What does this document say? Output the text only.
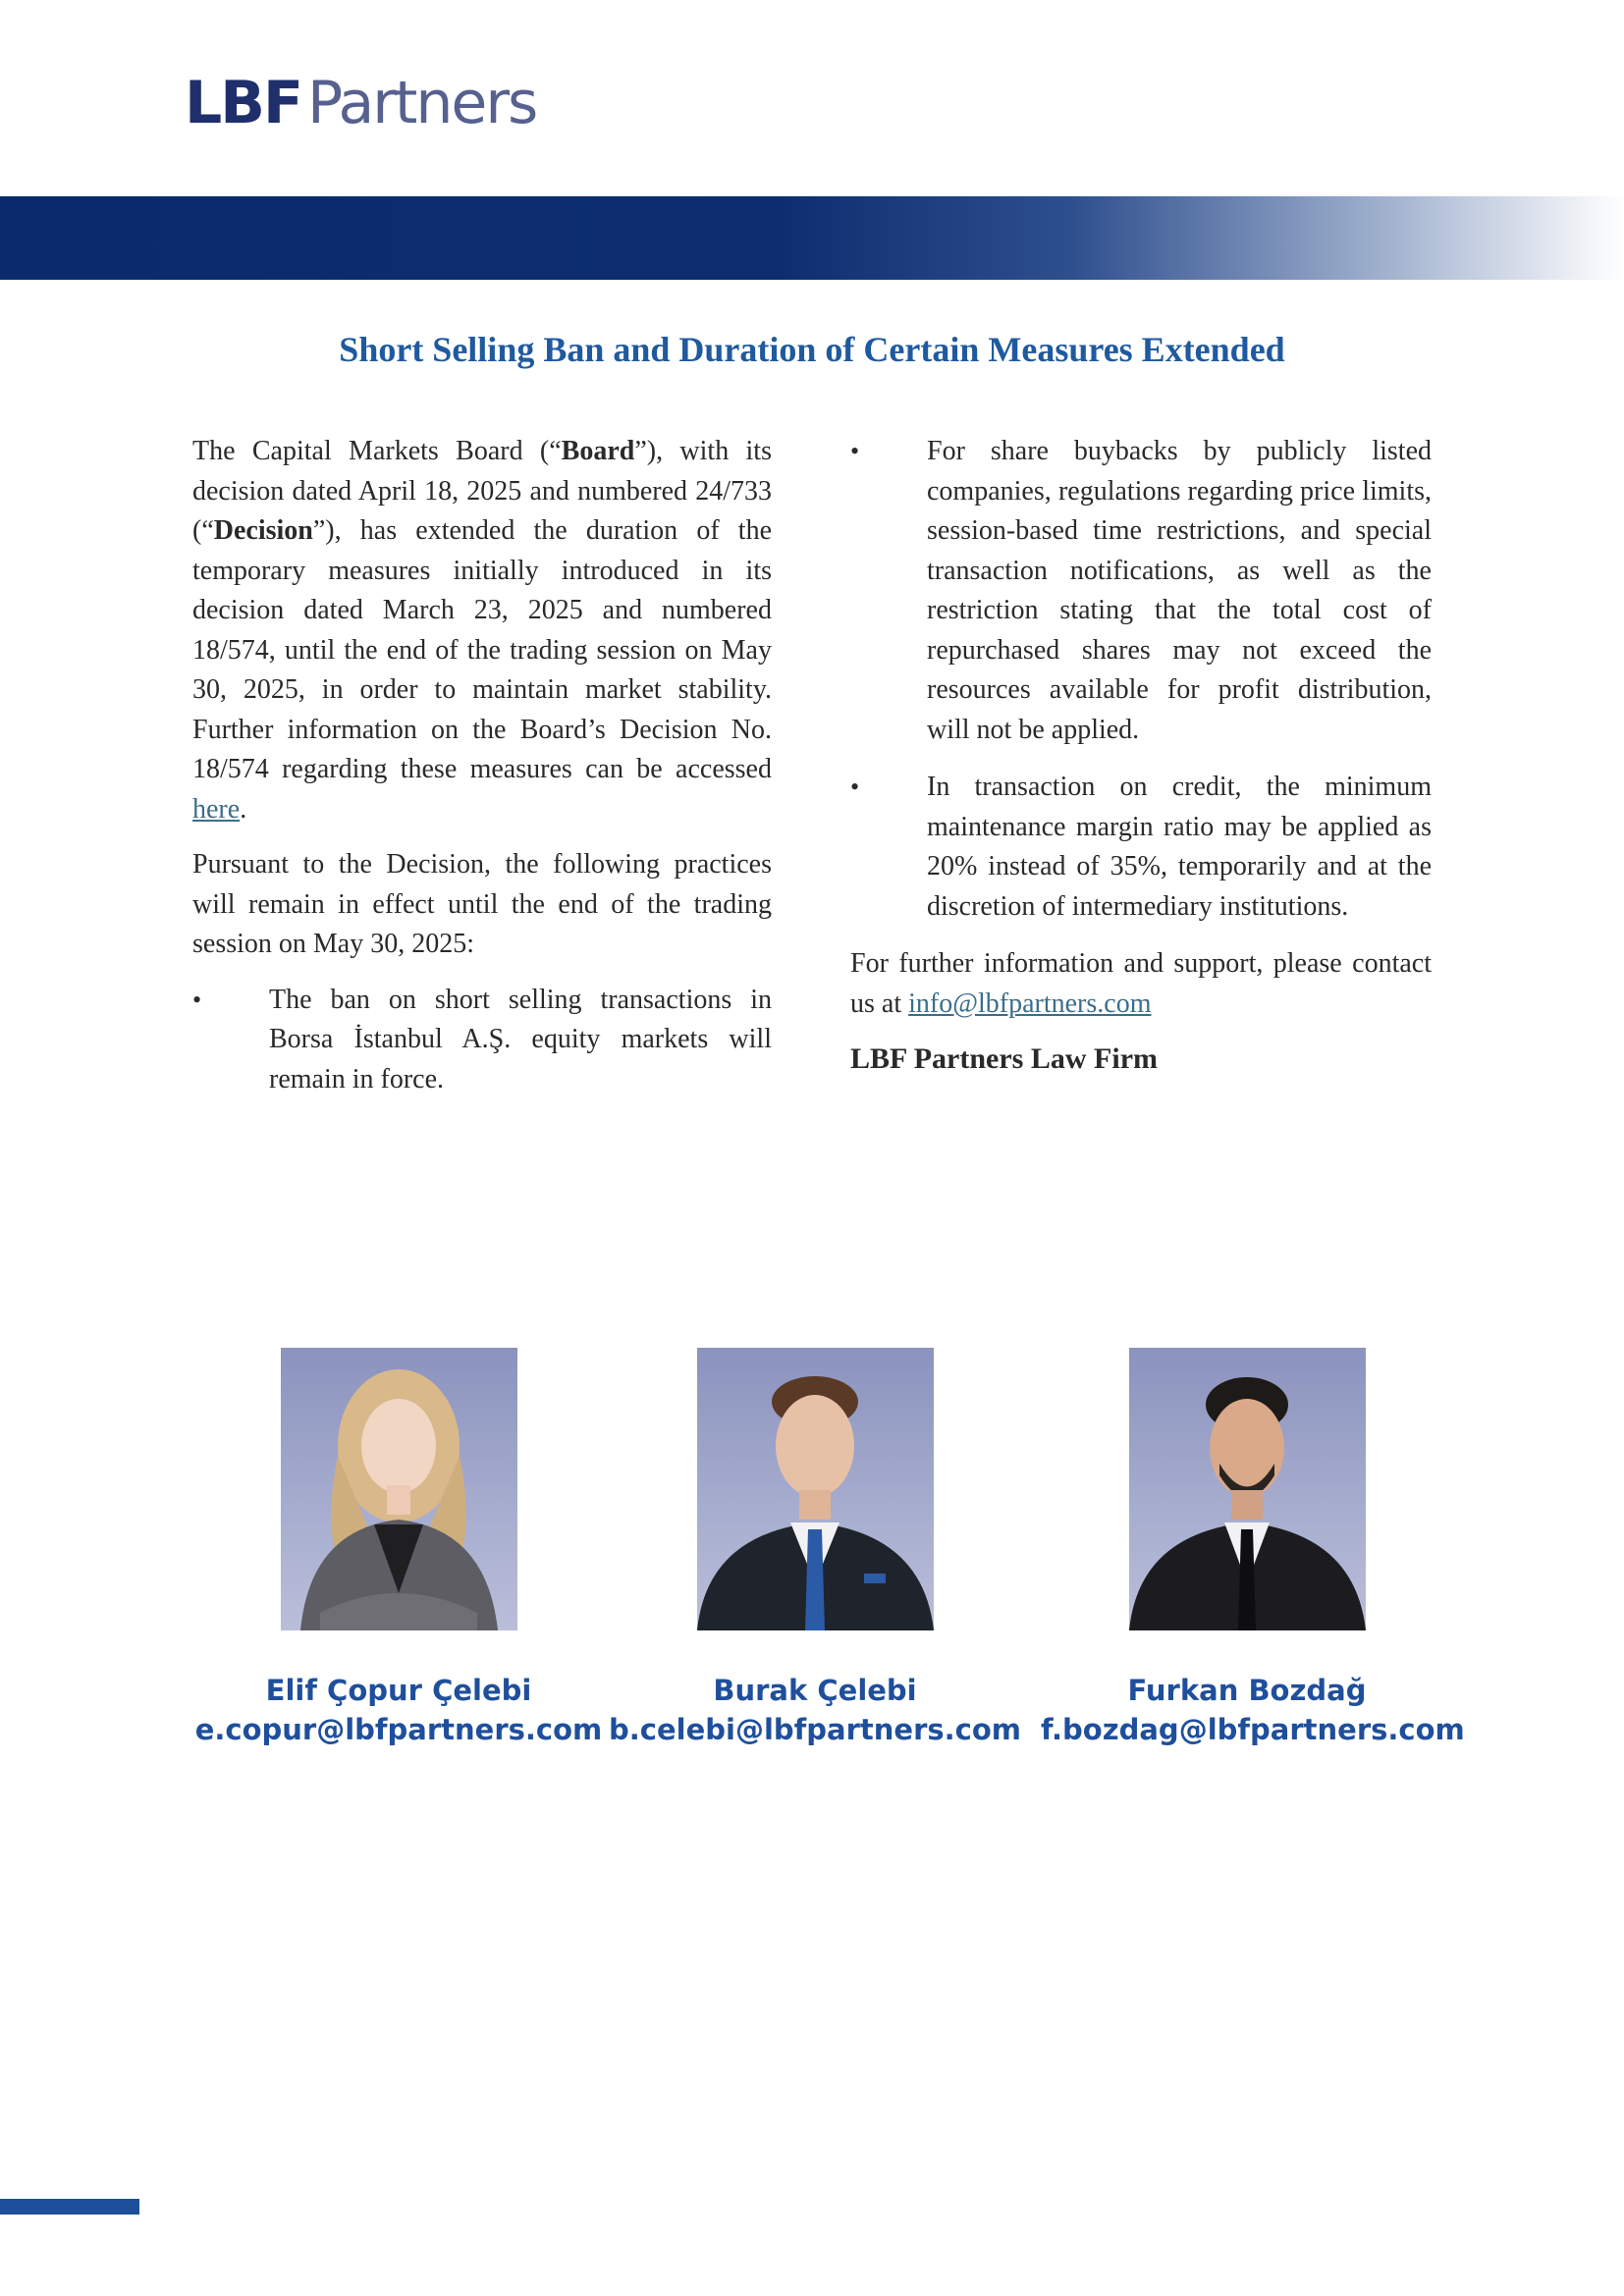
LBF Partners
Short Selling Ban and Duration of Certain Measures Extended

The Capital Markets Board (“Board”), with its decision dated April 18, 2025 and numbered 24/733 (“Decision”), has extended the duration of the temporary measures initially introduced in its decision dated March 23, 2025 and numbered 18/574, until the end of the trading session on May 30, 2025, in order to maintain market stability. Further information on the Board’s Decision No. 18/574 regarding these measures can be accessed here.

Pursuant to the Decision, the following practices will remain in effect until the end of the trading session on May 30, 2025:

•	The ban on short selling transactions in Borsa İstanbul A.Ş. equity markets will remain in force.
•	For share buybacks by publicly listed companies, regulations regarding price limits, session-based time restrictions, and special transaction notifications, as well as the restriction stating that the total cost of repurchased shares may not exceed the resources available for profit distribution, will not be applied.
•	In transaction on credit, the minimum maintenance margin ratio may be applied as 20% instead of 35%, temporarily and at the discretion of intermediary institutions.

For further information and support, please contact us at info@lbfpartners.com

LBF Partners Law Firm
Elif Çopur Çelebi
e.copur@lbfpartners.com
Burak Çelebi
b.celebi@lbfpartners.com
Furkan Bozdağ
f.bozdag@lbfpartners.com
